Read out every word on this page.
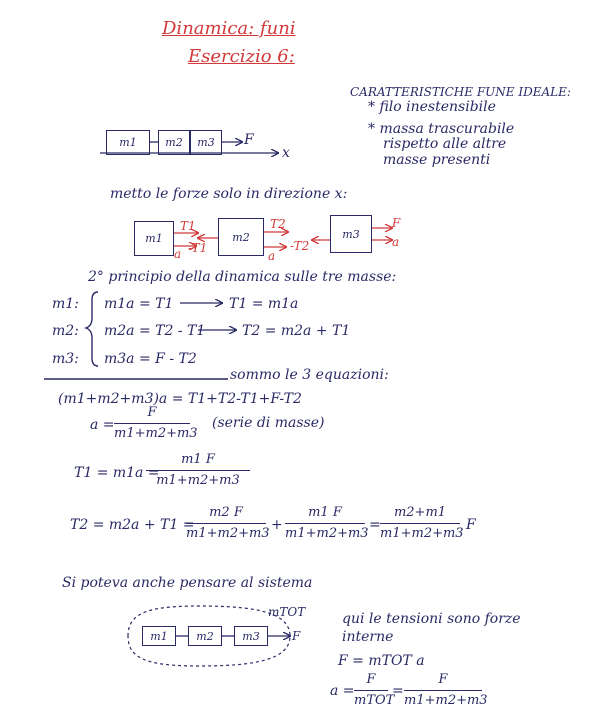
Dinamica: funi
Esercizio 6:
CARATTERISTICHE FUNE IDEALE:
* filo inestensibile
* massa trascurabile
rispetto alle altre
masse presenti
m1	m2	m3	F
x
metto le forze solo in direzione x:
m1	m2	m3
T1
a -T1
T2
a
-T2
F
a
2° principio della dinamica sulle tre masse:
m1: m1a = T1	T1 = m1a
m2: m2a = T2 - T1	T2 = m2a + T1
m3: m3a = F - T2
sommo le 3 equazioni:
(m1+m2+m3)a = T1+T2-T1+F-T2
a =
F
m1+m2+m3
(serie di masse)
T1 = m1a =
m1 F
m1+m2+m3
T2 = m2a + T1 =
m2 F
m1+m2+m3
+
m1 F
m1+m2+m3
=
m2+m1
m1+m2+m3
F
Si poteva anche pensare al sistema
mTOT
m1	m2	m3	F
qui le tensioni sono forze
interne
F = mTOT a
a =
F
mTOT
=
F
m1+m2+m3
